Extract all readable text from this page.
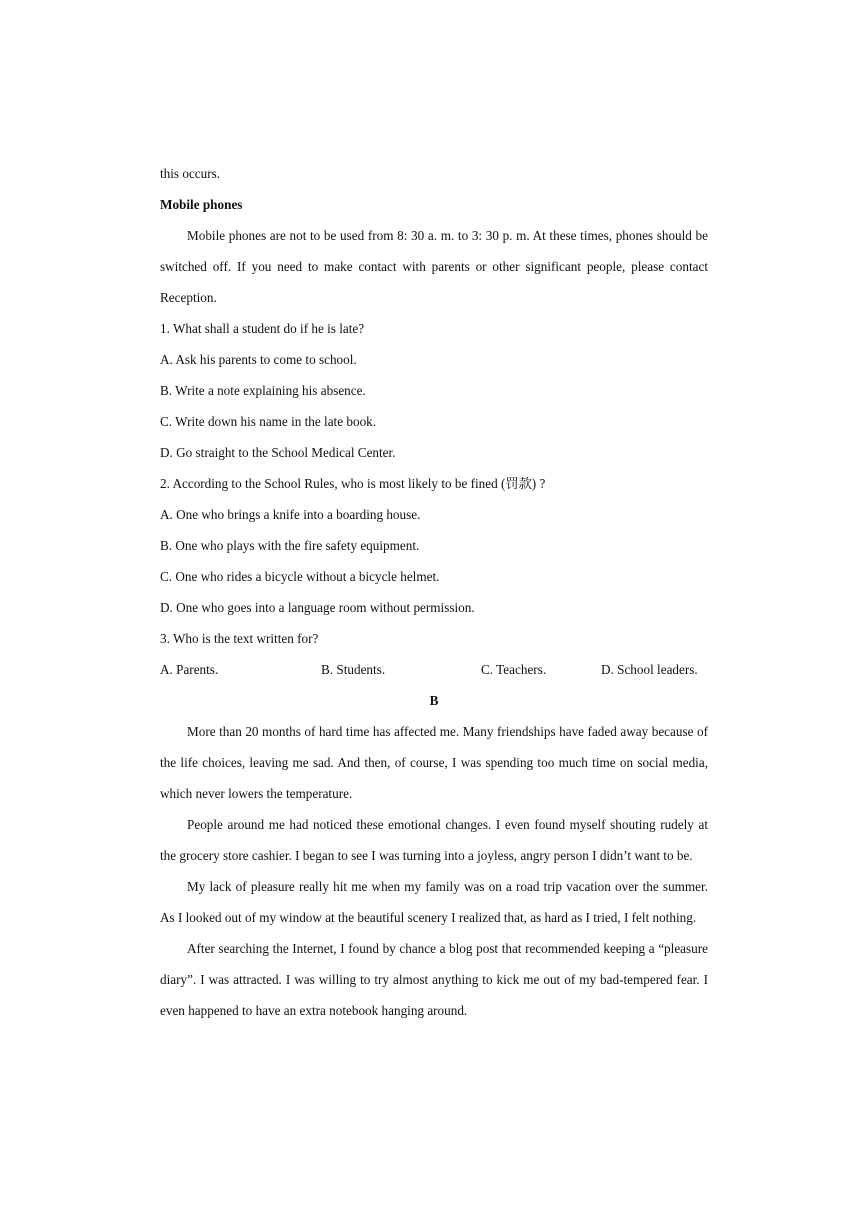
this occurs.

Mobile phones

Mobile phones are not to be used from 8: 30 a. m. to 3: 30 p. m. At these times, phones should be switched off. If you need to make contact with parents or other significant people, please contact Reception.

1. What shall a student do if he is late?

A. Ask his parents to come to school.

B. Write a note explaining his absence.

C. Write down his name in the late book.

D. Go straight to the School Medical Center.

2. According to the School Rules, who is most likely to be fined (罚款) ?

A. One who brings a knife into a boarding house.

B. One who plays with the fire safety equipment.

C. One who rides a bicycle without a bicycle helmet.

D. One who goes into a language room without permission.

3. Who is the text written for?

A. Parents.	B. Students.	C. Teachers.	D. School leaders.

B

More than 20 months of hard time has affected me. Many friendships have faded away because of the life choices, leaving me sad. And then, of course, I was spending too much time on social media, which never lowers the temperature.

People around me had noticed these emotional changes. I even found myself shouting rudely at the grocery store cashier. I began to see I was turning into a joyless, angry person I didn’t want to be.

My lack of pleasure really hit me when my family was on a road trip vacation over the summer. As I looked out of my window at the beautiful scenery I realized that, as hard as I tried, I felt nothing.

After searching the Internet, I found by chance a blog post that recommended keeping a “pleasure diary”. I was attracted. I was willing to try almost anything to kick me out of my bad-tempered fear. I even happened to have an extra notebook hanging around.
